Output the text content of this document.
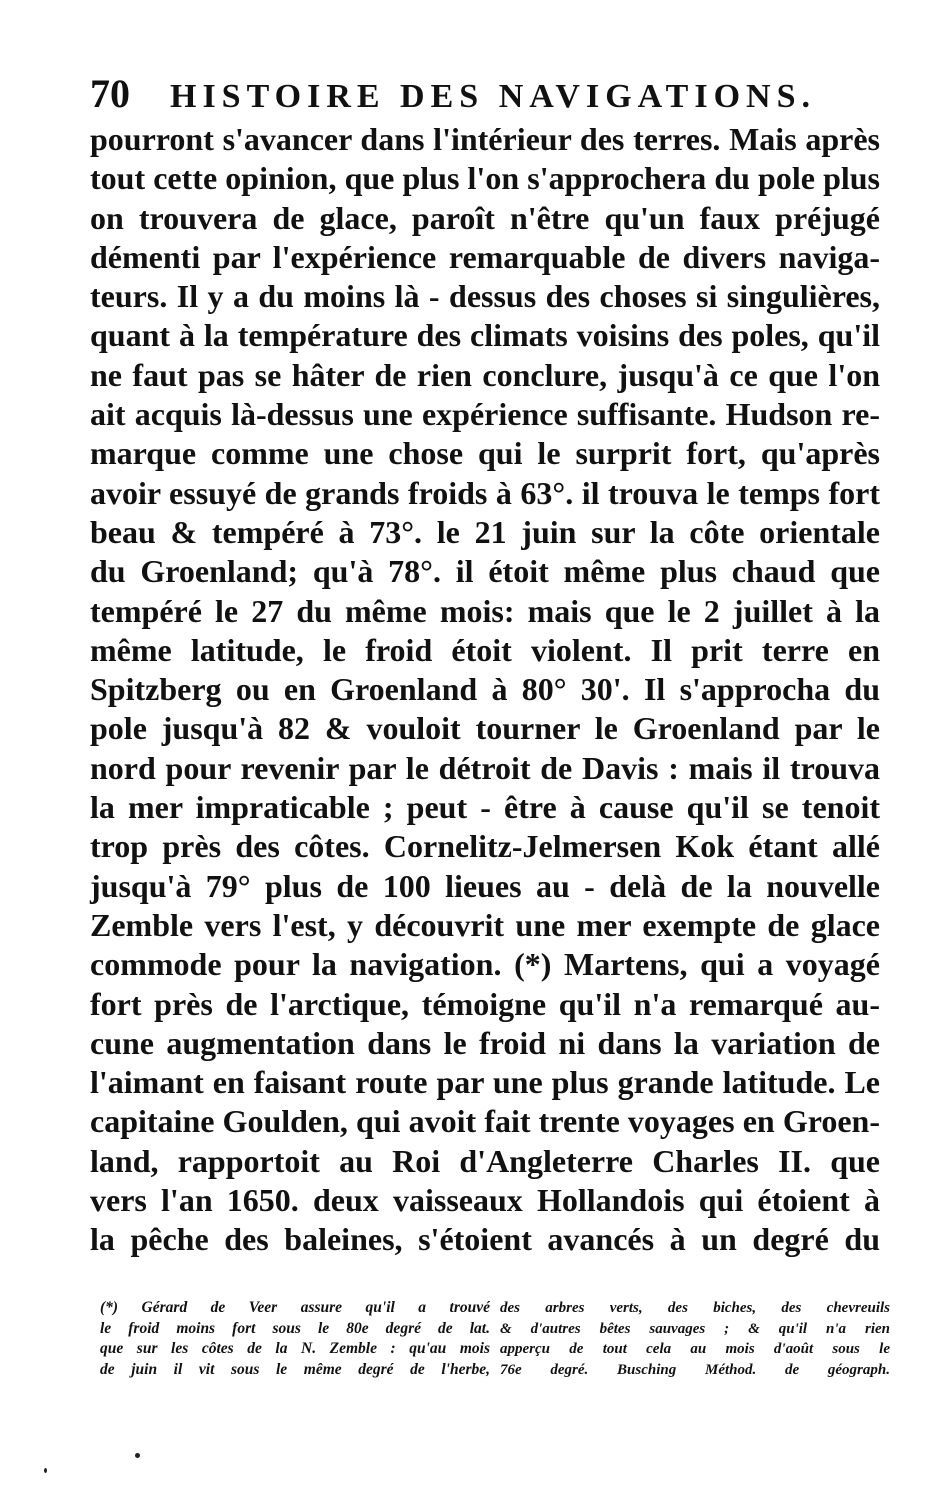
70	HISTOIRE DES NAVIGATIONS.
pourront s'avancer dans l'intérieur des terres. Mais après
tout cette opinion, que plus l'on s'approchera du pole plus
on trouvera de glace, paroît n'être qu'un faux préjugé
démenti par l'expérience remarquable de divers naviga-
teurs. Il y a du moins là - dessus des choses si singulières,
quant à la température des climats voisins des poles, qu'il
ne faut pas se hâter de rien conclure, jusqu'à ce que l'on
ait acquis là-dessus une expérience suffisante. Hudson re-
marque comme une chose qui le surprit fort, qu'après
avoir essuyé de grands froids à 63°. il trouva le temps fort
beau & tempéré à 73°. le 21 juin sur la côte orientale
du Groenland; qu'à 78°. il étoit même plus chaud que
tempéré le 27 du même mois: mais que le 2 juillet à la
même latitude, le froid étoit violent. Il prit terre en
Spitzberg ou en Groenland à 80° 30'. Il s'approcha du
pole jusqu'à 82 & vouloit tourner le Groenland par le
nord pour revenir par le détroit de Davis : mais il trouva
la mer impraticable ; peut - être à cause qu'il se tenoit
trop près des côtes. Cornelitz-Jelmersen Kok étant allé
jusqu'à 79° plus de 100 lieues au - delà de la nouvelle
Zemble vers l'est, y découvrit une mer exempte de glace
commode pour la navigation. (*) Martens, qui a voyagé
fort près de l'arctique, témoigne qu'il n'a remarqué au-
cune augmentation dans le froid ni dans la variation de
l'aimant en faisant route par une plus grande latitude. Le
capitaine Goulden, qui avoit fait trente voyages en Groen-
land, rapportoit au Roi d'Angleterre Charles II. que
vers l'an 1650. deux vaisseaux Hollandois qui étoient à
la pêche des baleines, s'étoient avancés à un degré du
(*) Gérard de Veer assure qu'il a trouvé
le froid moins fort sous le 80e degré de lat.
que sur les côtes de la N. Zemble : qu'au mois
de juin il vit sous le même degré de l'herbe,
des arbres verts, des biches, des chevreuils
& d'autres bêtes sauvages ; & qu'il n'a rien
apperçu de tout cela au mois d'août sous le
76e degré. Busching Méthod. de géograph.
